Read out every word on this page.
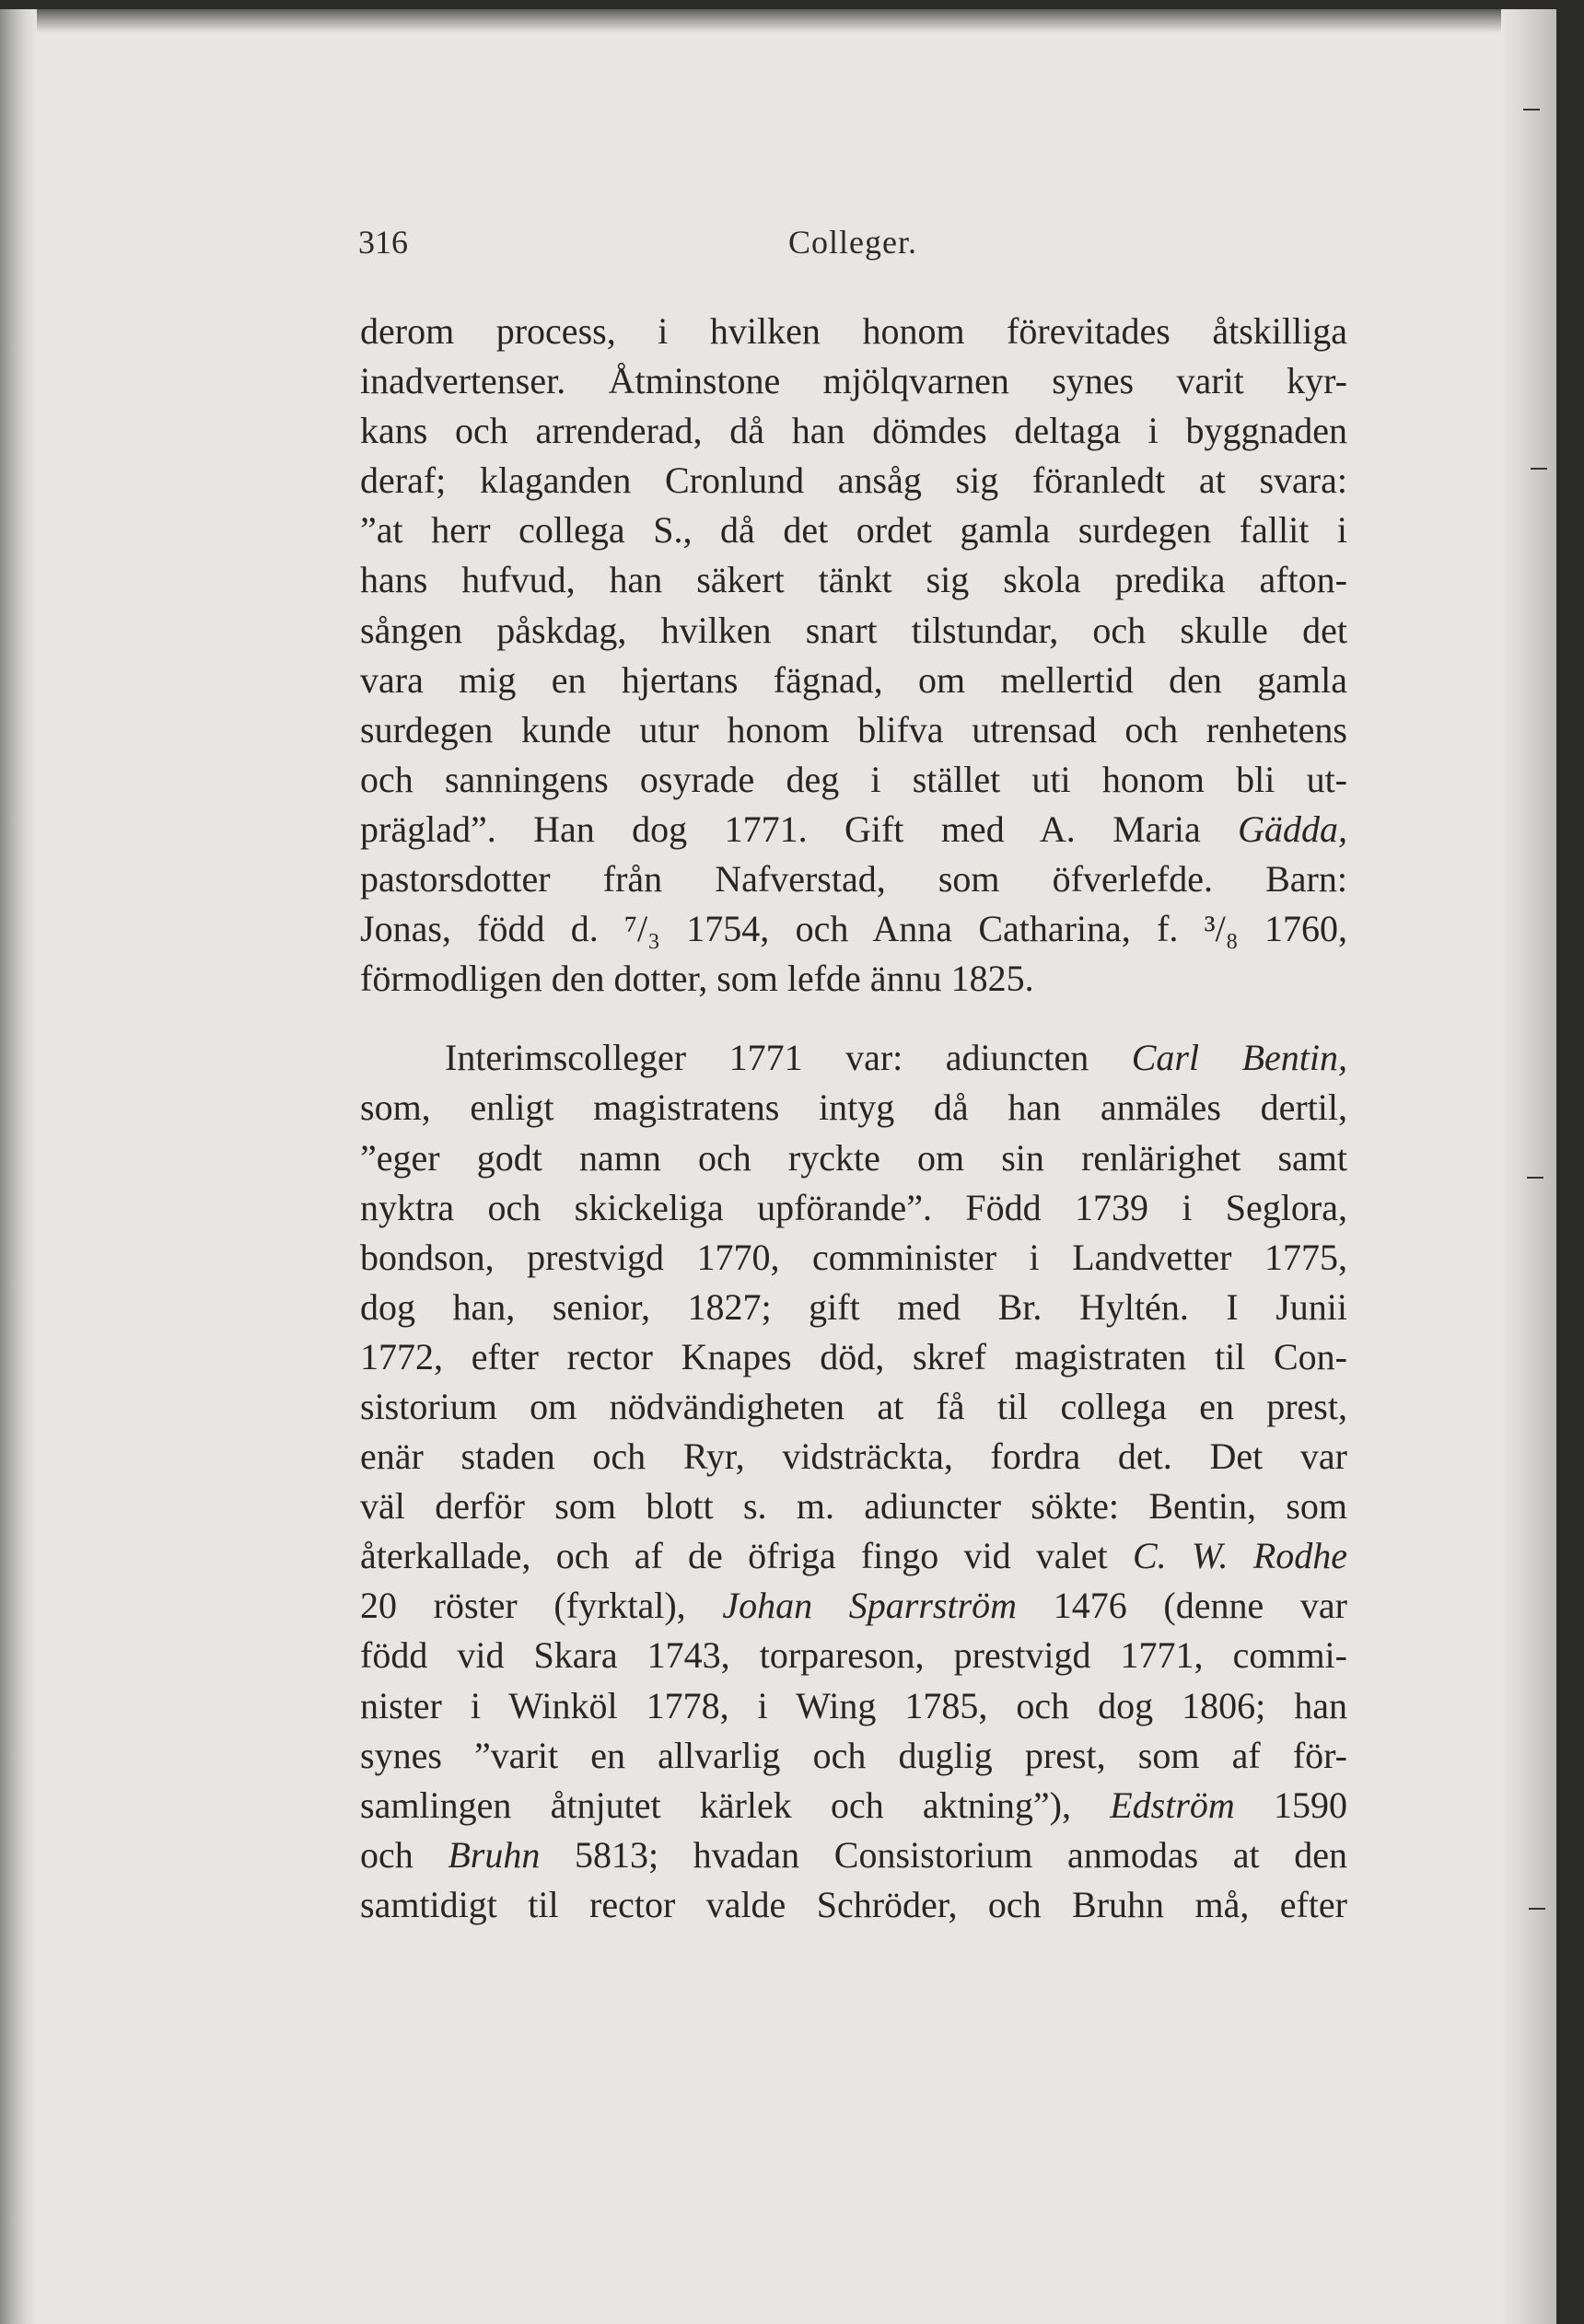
316	Colleger.
derom process, i hvilken honom förevitades åtskilliga
inadvertenser. Åtminstone mjölqvarnen synes varit kyr-
kans och arrenderad, då han dömdes deltaga i byggnaden
deraf; klaganden Cronlund ansåg sig föranledt at svara:
”at herr collega S., då det ordet gamla surdegen fallit i
hans hufvud, han säkert tänkt sig skola predika afton-
sången påskdag, hvilken snart tilstundar, och skulle det
vara mig en hjertans fägnad, om mellertid den gamla
surdegen kunde utur honom blifva utrensad och renhetens
och sanningens osyrade deg i stället uti honom bli ut-
präglad”. Han dog 1771. Gift med A. Maria Gädda,
pastorsdotter från Nafverstad, som öfverlefde. Barn:
Jonas, född d. ⁷/₃ 1754, och Anna Catharina, f. ³/₈ 1760,
förmodligen den dotter, som lefde ännu 1825.
Interimscolleger 1771 var: adiuncten Carl Bentin,
som, enligt magistratens intyg då han anmäles dertil,
”eger godt namn och ryckte om sin renlärighet samt
nyktra och skickeliga upförande”. Född 1739 i Seglora,
bondson, prestvigd 1770, comminister i Landvetter 1775,
dog han, senior, 1827; gift med Br. Hyltén. I Junii
1772, efter rector Knapes död, skref magistraten til Con-
sistorium om nödvändigheten at få til collega en prest,
enär staden och Ryr, vidsträckta, fordra det. Det var
väl derför som blott s. m. adiuncter sökte: Bentin, som
återkallade, och af de öfriga fingo vid valet C. W. Rodhe
20 röster (fyrktal), Johan Sparrström 1476 (denne var
född vid Skara 1743, torpareson, prestvigd 1771, commi-
nister i Winköl 1778, i Wing 1785, och dog 1806; han
synes ”varit en allvarlig och duglig prest, som af för-
samlingen åtnjutet kärlek och aktning”), Edström 1590
och Bruhn 5813; hvadan Consistorium anmodas at den
samtidigt til rector valde Schröder, och Bruhn må, efter
